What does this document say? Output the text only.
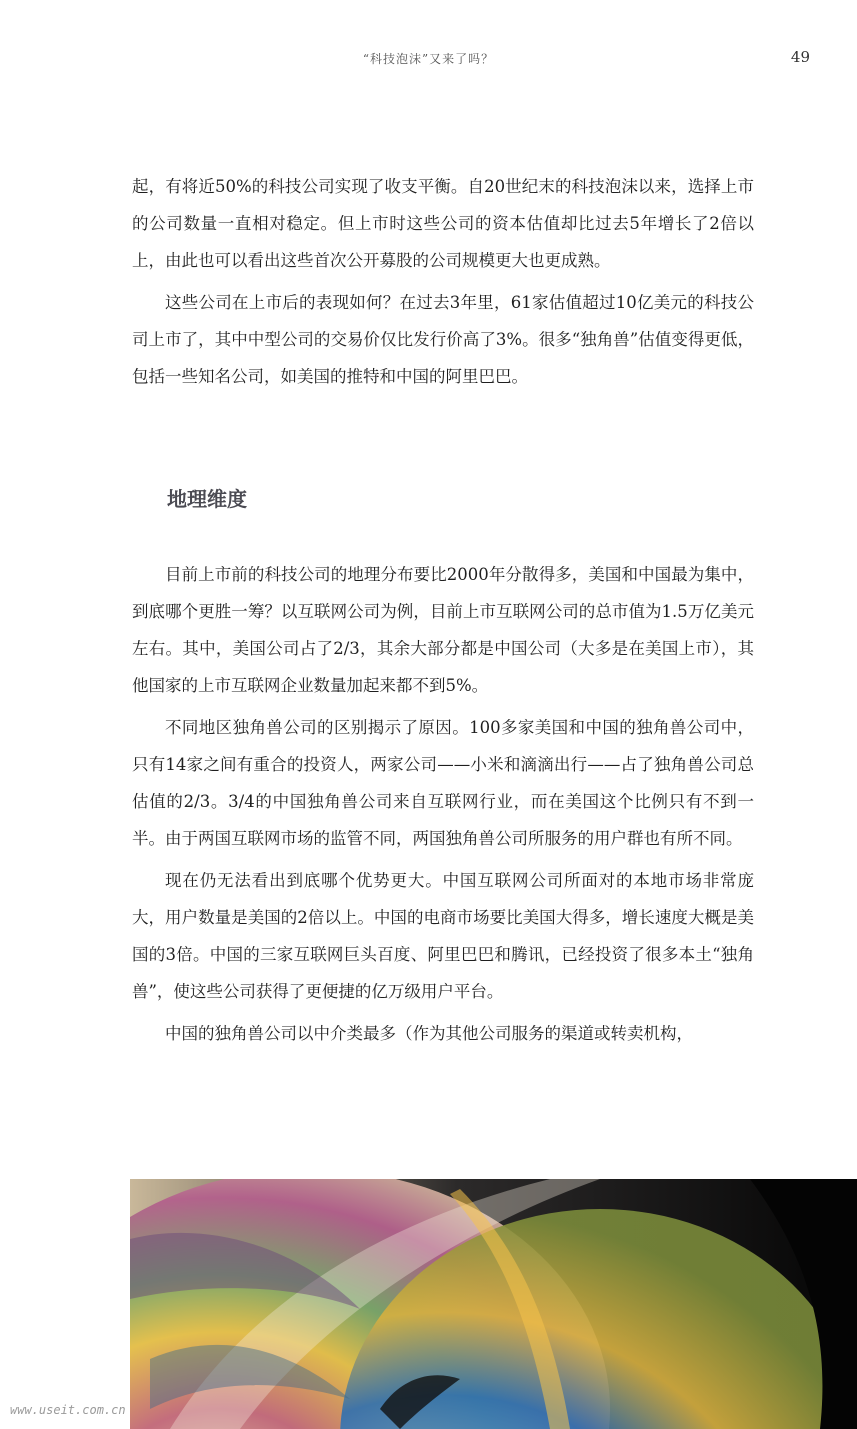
“科技泡沫”又来了吗？	49

起，有将近50%的科技公司实现了收支平衡。自20世纪末的科技泡沫以来，选择上市的公司数量一直相对稳定。但上市时这些公司的资本估值却比过去5年增长了2倍以上，由此也可以看出这些首次公开募股的公司规模更大也更成熟。

这些公司在上市后的表现如何？在过去3年里，61家估值超过10亿美元的科技公司上市了，其中中型公司的交易价仅比发行价高了3%。很多“独角兽”估值变得更低，包括一些知名公司，如美国的推特和中国的阿里巴巴。

地理维度

目前上市前的科技公司的地理分布要比2000年分散得多，美国和中国最为集中，到底哪个更胜一筹？以互联网公司为例，目前上市互联网公司的总市值为1.5万亿美元左右。其中，美国公司占了2/3，其余大部分都是中国公司（大多是在美国上市），其他国家的上市互联网企业数量加起来都不到5%。

不同地区独角兽公司的区别揭示了原因。100多家美国和中国的独角兽公司中，只有14家之间有重合的投资人，两家公司——小米和滴滴出行——占了独角兽公司总估值的2/3。3/4的中国独角兽公司来自互联网行业，而在美国这个比例只有不到一半。由于两国互联网市场的监管不同，两国独角兽公司所服务的用户群也有所不同。

现在仍无法看出到底哪个优势更大。中国互联网公司所面对的本地市场非常庞大，用户数量是美国的2倍以上。中国的电商市场要比美国大得多，增长速度大概是美国的3倍。中国的三家互联网巨头百度、阿里巴巴和腾讯，已经投资了很多本土“独角兽”，使这些公司获得了更便捷的亿万级用户平台。

中国的独角兽公司以中介类最多（作为其他公司服务的渠道或转卖机构，

www.useit.com.cn
